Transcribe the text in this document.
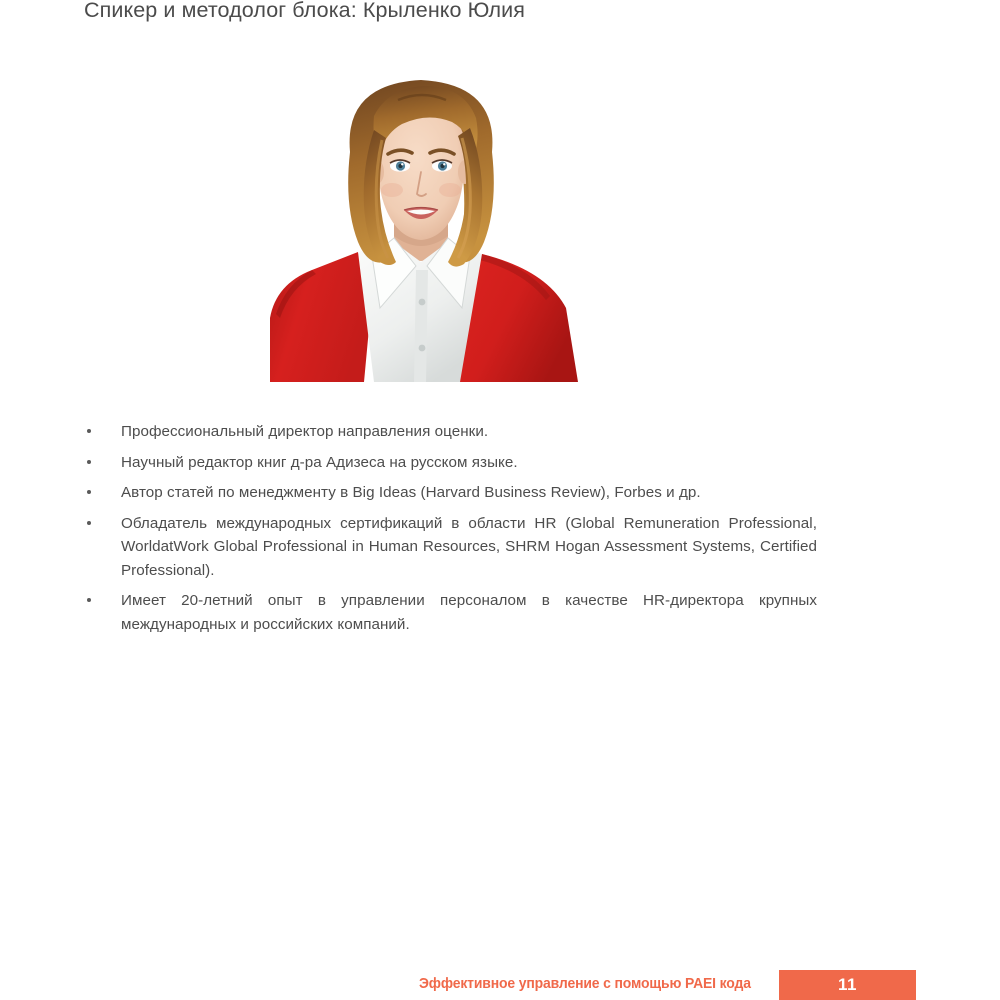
Спикер и методолог блока: Крыленко Юлия
Профессиональный директор направления оценки.
Научный редактор книг д-ра Адизеса на русском языке.
Автор статей по менеджменту в Big Ideas (Harvard Business Review), Forbes и др.
Обладатель международных сертификаций в области HR (Global Remuneration Professional, WorldatWork Global Professional in Human Resources, SHRM Hogan Assessment Systems, Certified Professional).
Имеет 20-летний опыт в управлении персоналом в качестве HR-директора крупных международных и российских компаний.
Эффективное управление с помощью PAEI кода	11
